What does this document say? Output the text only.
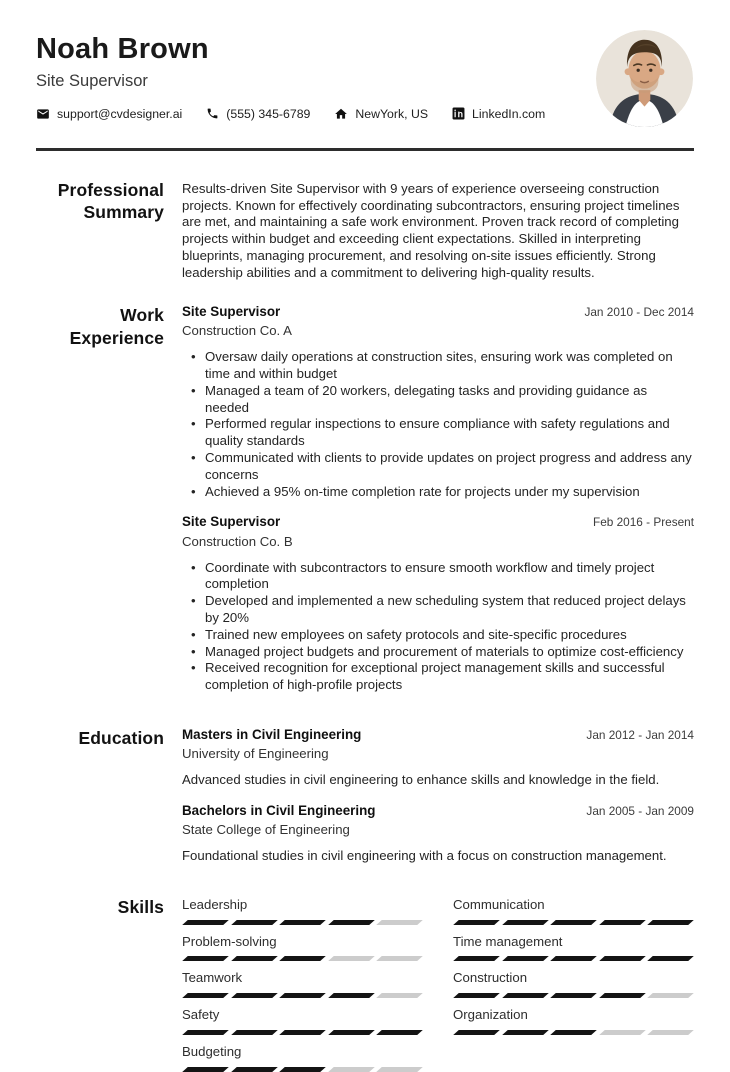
Noah Brown
Site Supervisor
support@cvdesigner.ai	(555) 345-6789	NewYork, US	LinkedIn.com
Professional Summary

Results-driven Site Supervisor with 9 years of experience overseeing construction projects. Known for effectively coordinating subcontractors, ensuring project timelines are met, and maintaining a safe work environment. Proven track record of completing projects within budget and exceeding client expectations. Skilled in interpreting blueprints, managing procurement, and resolving on-site issues efficiently. Strong leadership abilities and a commitment to delivering high-quality results.

Work Experience
Site Supervisor	Jan 2010 - Dec 2014
Construction Co. A
• Oversaw daily operations at construction sites, ensuring work was completed on time and within budget
• Managed a team of 20 workers, delegating tasks and providing guidance as needed
• Performed regular inspections to ensure compliance with safety regulations and quality standards
• Communicated with clients to provide updates on project progress and address any concerns
• Achieved a 95% on-time completion rate for projects under my supervision
Site Supervisor	Feb 2016 - Present
Construction Co. B
• Coordinate with subcontractors to ensure smooth workflow and timely project completion
• Developed and implemented a new scheduling system that reduced project delays by 20%
• Trained new employees on safety protocols and site-specific procedures
• Managed project budgets and procurement of materials to optimize cost-efficiency
• Received recognition for exceptional project management skills and successful completion of high-profile projects
Education Masters in Civil Engineering	Jan 2012 - Jan 2014
University of Engineering

Advanced studies in civil engineering to enhance skills and knowledge in the field.

Bachelors in Civil Engineering	Jan 2005 - Jan 2009
State College of Engineering

Foundational studies in civil engineering with a focus on construction management.

Skills Leadership	Communication
Problem-solving	Time management
Teamwork	Construction
Safety	Organization
Budgeting
